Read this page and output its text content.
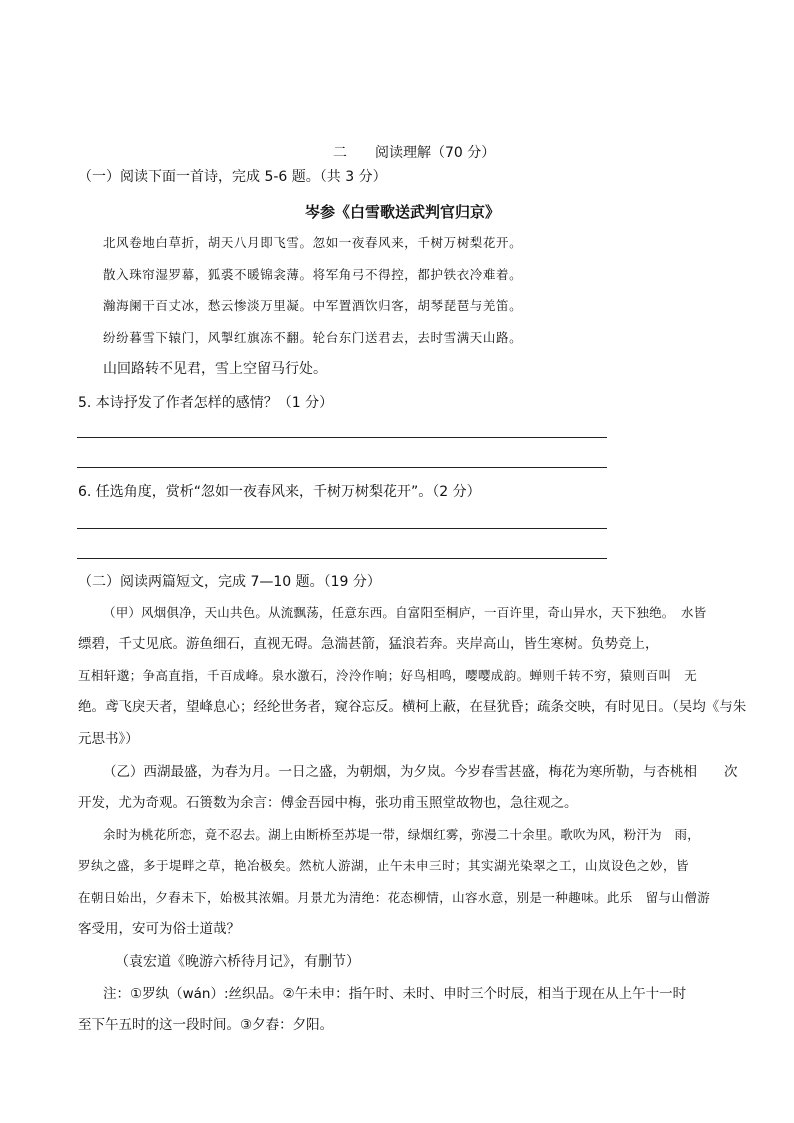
二　　阅读理解（70 分）
（一）阅读下面一首诗，完成 5-6 题。（共 3 分）
岑参《白雪歌送武判官归京》
北风卷地白草折，胡天八月即飞雪。忽如一夜春风来，千树万树梨花开。
散入珠帘湿罗幕，狐裘不暖锦衾薄。将军角弓不得控，都护铁衣冷难着。
瀚海阑干百丈冰，愁云惨淡万里凝。中军置酒饮归客，胡琴琵琶与羌笛。
纷纷暮雪下辕门，风掣红旗冻不翻。轮台东门送君去，去时雪满天山路。
山回路转不见君，雪上空留马行处。
5. 本诗抒发了作者怎样的感情？（1 分）
6. 任选角度，赏析“忽如一夜春风来，千树万树梨花开”。（2 分）
（二）阅读两篇短文，完成 7—10 题。（19 分）
（甲）风烟俱净，天山共色。从流飘荡，任意东西。自富阳至桐庐，一百许里，奇山异水，天下独绝。　水皆
缥碧，千丈见底。游鱼细石，直视无碍。急湍甚箭，猛浪若奔。夹岸高山，皆生寒树。负势竞上，
互相轩邈；争高直指，千百成峰。泉水激石，泠泠作响；好鸟相鸣，嘤嘤成韵。蝉则千转不穷，猿则百叫　无
绝。鸢飞戾天者，望峰息心；经纶世务者，窥谷忘反。横柯上蔽，在昼犹昏；疏条交映，有时见日。（吴均《与朱
元思书》）
（乙）西湖最盛，为春为月。一日之盛，为朝烟，为夕岚。今岁春雪甚盛，梅花为寒所勒，与杏桃相　　次
开发，尤为奇观。石篑数为余言：傅金吾园中梅，张功甫玉照堂故物也，急往观之。
余时为桃花所恋，竟不忍去。湖上由断桥至苏堤一带，绿烟红雾，弥漫二十余里。歌吹为风，粉汗为　雨，
罗纨之盛，多于堤畔之草，艳冶极矣。然杭人游湖，止午未申三时；其实湖光染翠之工，山岚设色之妙，皆
在朝日始出，夕舂未下，始极其浓媚。月景尤为清绝：花态柳情，山容水意，别是一种趣味。此乐　留与山僧游
客受用，安可为俗士道哉？
（袁宏道《晚游六桥待月记》，有删节）
注：①罗纨（wán）:丝织品。②午未申：指午时、未时、申时三个时辰，相当于现在从上午十一时
至下午五时的这一段时间。③夕舂：夕阳。
